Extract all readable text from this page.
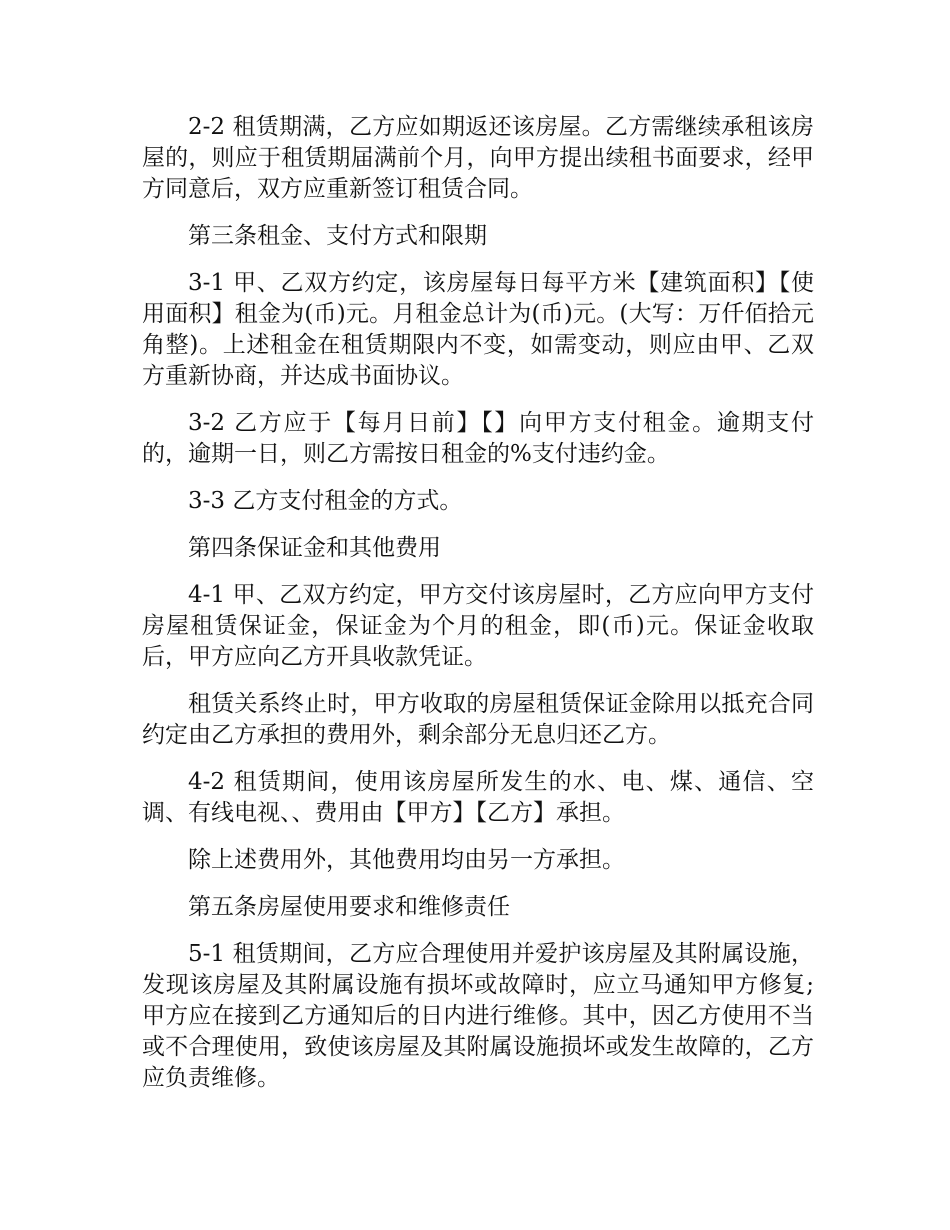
2-2 租赁期满，乙方应如期返还该房屋。乙方需继续承租该房屋的，则应于租赁期届满前个月，向甲方提出续租书面要求，经甲方同意后，双方应重新签订租赁合同。

第三条租金、支付方式和限期

3-1 甲、乙双方约定，该房屋每日每平方米【建筑面积】【使用面积】租金为(币)元。月租金总计为(币)元。(大写：万仟佰拾元角整)。上述租金在租赁期限内不变，如需变动，则应由甲、乙双方重新协商，并达成书面协议。

3-2 乙方应于【每月日前】【】向甲方支付租金。逾期支付的，逾期一日，则乙方需按日租金的%支付违约金。

3-3 乙方支付租金的方式。

第四条保证金和其他费用

4-1 甲、乙双方约定，甲方交付该房屋时，乙方应向甲方支付房屋租赁保证金，保证金为个月的租金，即(币)元。保证金收取后，甲方应向乙方开具收款凭证。

租赁关系终止时，甲方收取的房屋租赁保证金除用以抵充合同约定由乙方承担的费用外，剩余部分无息归还乙方。

4-2 租赁期间，使用该房屋所发生的水、电、煤、通信、空调、有线电视、、费用由【甲方】【乙方】承担。

除上述费用外，其他费用均由另一方承担。

第五条房屋使用要求和维修责任

5-1 租赁期间，乙方应合理使用并爱护该房屋及其附属设施，发现该房屋及其附属设施有损坏或故障时，应立马通知甲方修复;甲方应在接到乙方通知后的日内进行维修。其中，因乙方使用不当或不合理使用，致使该房屋及其附属设施损坏或发生故障的，乙方应负责维修。
